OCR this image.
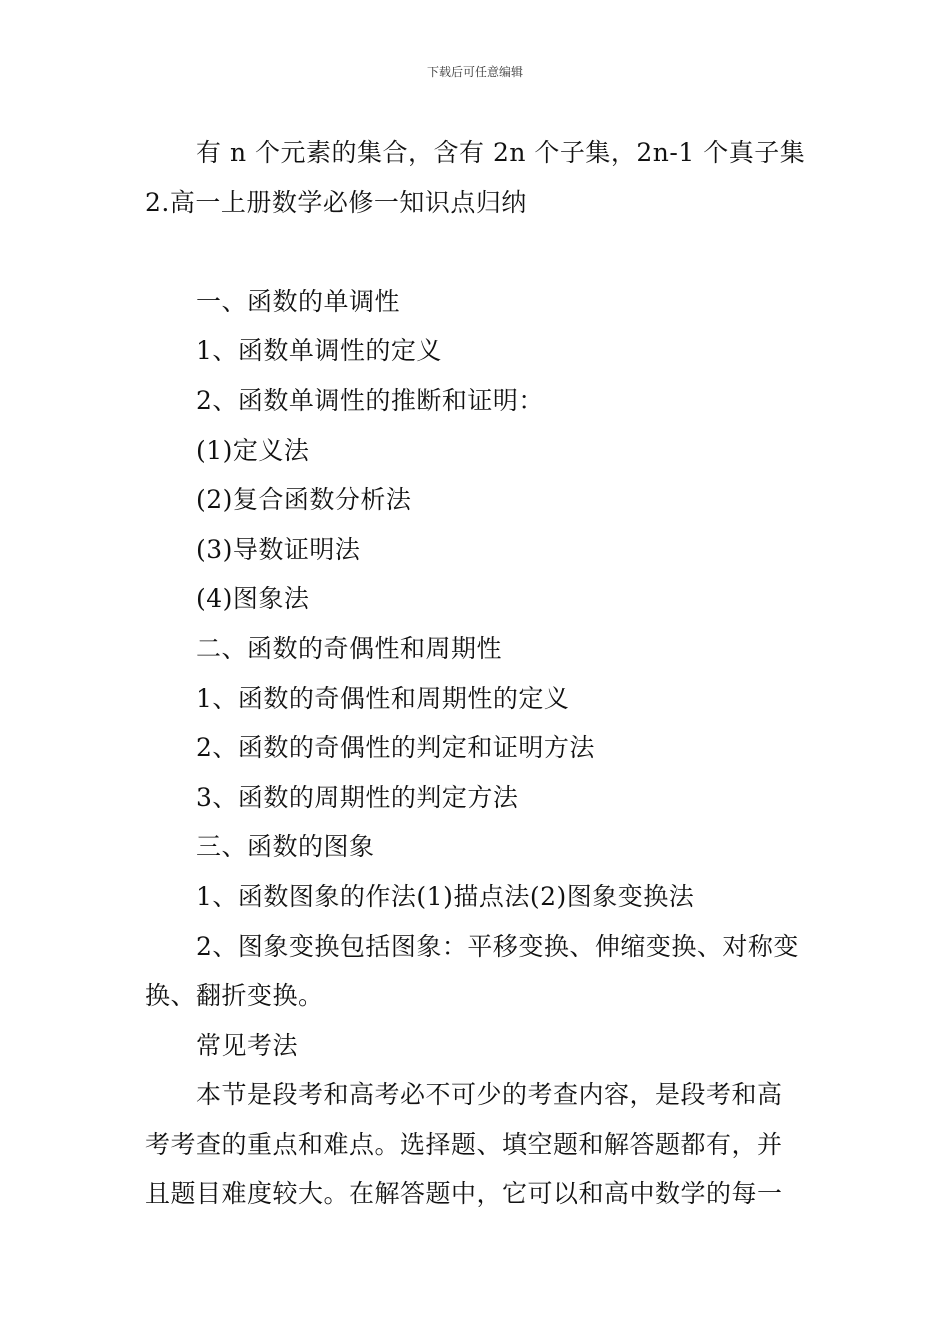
下载后可任意编辑
有 n 个元素的集合，含有 2n 个子集，2n-1 个真子集
2.高一上册数学必修一知识点归纳
一、函数的单调性
1、函数单调性的定义
2、函数单调性的推断和证明：
(1)定义法
(2)复合函数分析法
(3)导数证明法
(4)图象法
二、函数的奇偶性和周期性
1、函数的奇偶性和周期性的定义
2、函数的奇偶性的判定和证明方法
3、函数的周期性的判定方法
三、函数的图象
1、函数图象的作法(1)描点法(2)图象变换法
2、图象变换包括图象：平移变换、伸缩变换、对称变
换、翻折变换。
常见考法
本节是段考和高考必不可少的考查内容，是段考和高
考考查的重点和难点。选择题、填空题和解答题都有，并
且题目难度较大。在解答题中，它可以和高中数学的每一
